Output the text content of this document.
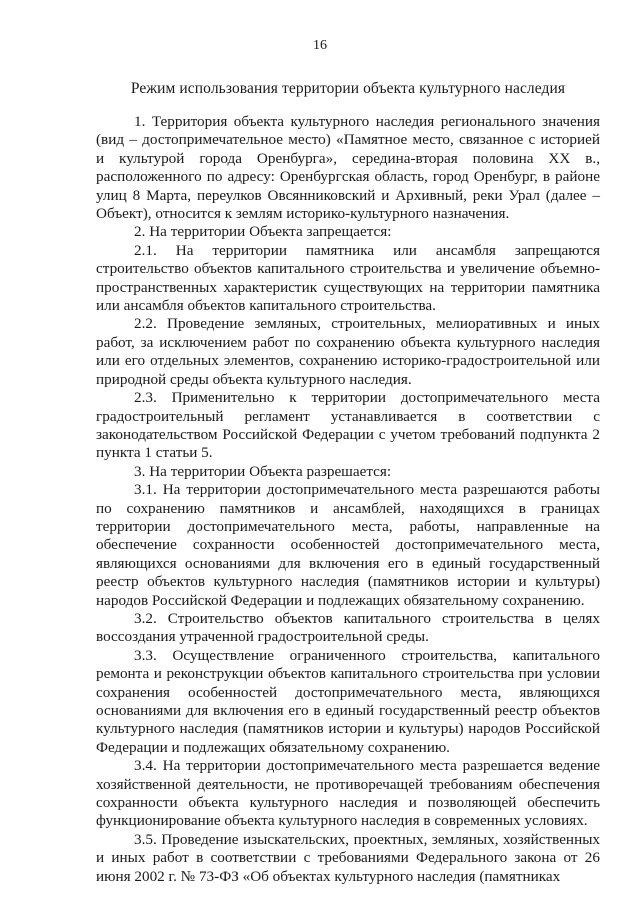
16
Режим использования территории объекта культурного наследия

1. Территория объекта культурного наследия регионального значения (вид – достопримечательное место) «Памятное место, связанное с историей и культурой города Оренбурга», середина-вторая половина XX в., расположенного по адресу: Оренбургская область, город Оренбург, в районе улиц 8 Марта, переулков Овсянниковский и Архивный, реки Урал (далее – Объект), относится к землям историко-культурного назначения.

2. На территории Объекта запрещается:

2.1. На территории памятника или ансамбля запрещаются строительство объектов капитального строительства и увеличение объемно-пространственных характеристик существующих на территории памятника или ансамбля объектов капитального строительства.

2.2. Проведение земляных, строительных, мелиоративных и иных работ, за исключением работ по сохранению объекта культурного наследия или его отдельных элементов, сохранению историко-градостроительной или природной среды объекта культурного наследия.

2.3. Применительно к территории достопримечательного места градостроительный регламент устанавливается в соответствии с законодательством Российской Федерации с учетом требований подпункта 2 пункта 1 статьи 5.

3. На территории Объекта разрешается:

3.1. На территории достопримечательного места разрешаются работы по сохранению памятников и ансамблей, находящихся в границах территории достопримечательного места, работы, направленные на обеспечение сохранности особенностей достопримечательного места, являющихся основаниями для включения его в единый государственный реестр объектов культурного наследия (памятников истории и культуры) народов Российской Федерации и подлежащих обязательному сохранению.

3.2. Строительство объектов капитального строительства в целях воссоздания утраченной градостроительной среды.

3.3. Осуществление ограниченного строительства, капитального ремонта и реконструкции объектов капитального строительства при условии сохранения особенностей достопримечательного места, являющихся основаниями для включения его в единый государственный реестр объектов культурного наследия (памятников истории и культуры) народов Российской Федерации и подлежащих обязательному сохранению.

3.4. На территории достопримечательного места разрешается ведение хозяйственной деятельности, не противоречащей требованиям обеспечения сохранности объекта культурного наследия и позволяющей обеспечить функционирование объекта культурного наследия в современных условиях.

3.5. Проведение изыскательских, проектных, земляных, хозяйственных и иных работ в соответствии с требованиями Федерального закона от 26 июня 2002 г. № 73-ФЗ «Об объектах культурного наследия (памятниках
